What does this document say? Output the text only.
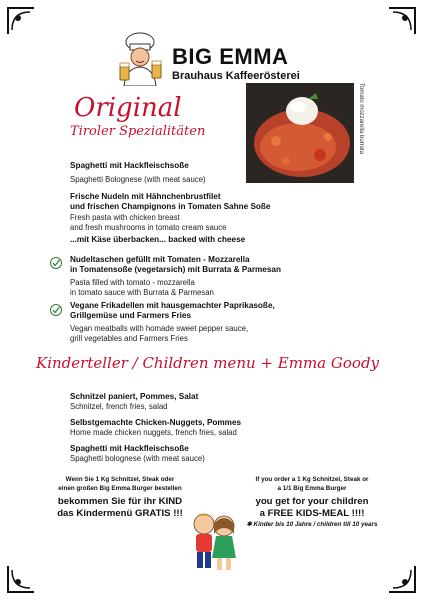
BIG EMMA
Brauhaus Kaffeerösterei
Original
Tiroler Spezialitäten	Tomato mozzarella burrata
Spaghetti mit Hackfleischsoße
Spaghetti Bolognese (with meat sauce)
Frische Nudeln mit Hähnchenbrustfilet
und frischen Champignons in Tomaten Sahne Soße
Fresh pasta with chicken breast
and fresh mushrooms in tomato cream sauce
...mit Käse überbacken... backed with cheese
Nudeltaschen gefüllt mit Tomaten - Mozzarella
in Tomatensoße (vegetarsich) mit Burrata & Parmesan
Pasta filled with tomato - mozzarella
in tomato sauce with Burrata & Parmesan
Vegane Frikadellen mit hausgemachter Paprikasoße,
Grillgemüse und Farmers Fries
Vegan meatballs with homade sweet pepper sauce,
grill vegetables and Farmers Fries
Kinderteller / Children menu + Emma Goody
Schnitzel paniert, Pommes, Salat
Schnitzel, french fries, salad
Selbstgemachte Chicken-Nuggets, Pommes
Home made chicken nuggets, french fries, salad
Spaghetti mit Hackfleischsoße
Spaghetti bolognese (with meat sauce)
Wenn Sie 1 Kg Schnitzel, Steak oder
einen großen Big Emma Burger bestellen
bekommen Sie für ihr KIND
das Kindermenü GRATIS !!!
If you order a 1 Kg Schnitzel, Steak or
a 1/1 Big Emma Burger
you get for your children
a FREE KIDS-MEAL !!!!
✱ Kinder bis 10 Jahre / children till 10 years
